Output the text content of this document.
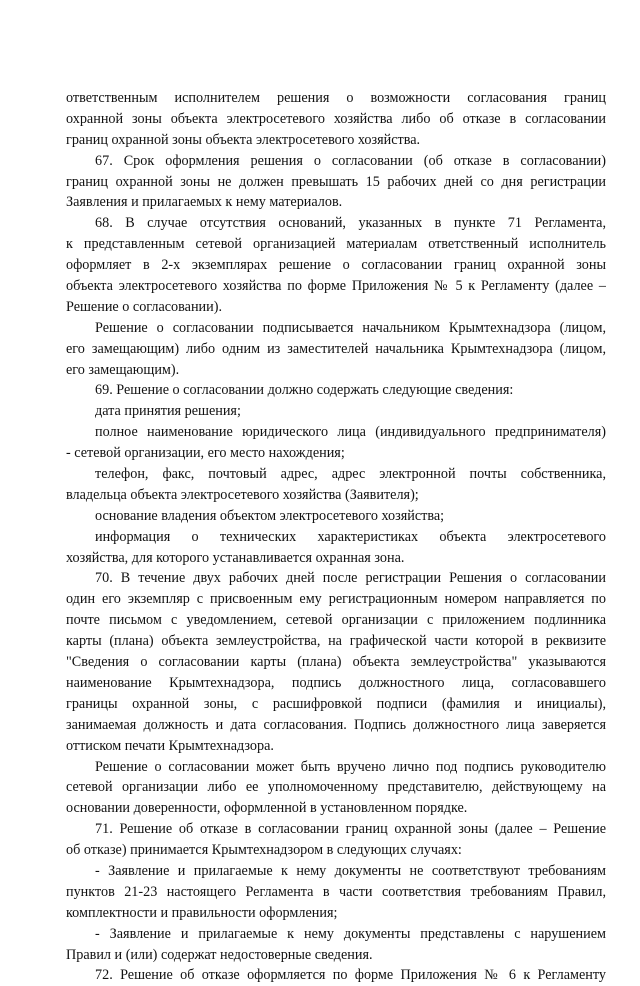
ответственным исполнителем решения о возможности согласования границ
охранной зоны объекта электросетевого хозяйства либо об отказе в согласовании
границ охранной зоны объекта электросетевого хозяйства.
67. Срок оформления решения о согласовании (об отказе в согласовании)
границ охранной зоны не должен превышать 15 рабочих дней со дня регистрации
Заявления и прилагаемых к нему материалов.
68. В случае отсутствия оснований, указанных в пункте 71 Регламента,
к представленным сетевой организацией материалам ответственный исполнитель
оформляет в 2-х экземплярах решение о согласовании границ охранной зоны
объекта электросетевого хозяйства по форме Приложения № 5 к Регламенту (далее –
Решение о согласовании).
Решение о согласовании подписывается начальником Крымтехнадзора (лицом,
его замещающим) либо одним из заместителей начальника Крымтехнадзора (лицом,
его замещающим).
69. Решение о согласовании должно содержать следующие сведения:
дата принятия решения;
полное наименование юридического лица (индивидуального предпринимателя)
- сетевой организации, его место нахождения;
телефон, факс, почтовый адрес, адрес электронной почты собственника,
владельца объекта электросетевого хозяйства (Заявителя);
основание владения объектом электросетевого хозяйства;
информация о технических характеристиках объекта электросетевого
хозяйства, для которого устанавливается охранная зона.
70. В течение двух рабочих дней после регистрации Решения о согласовании
один его экземпляр с присвоенным ему регистрационным номером направляется по
почте письмом с уведомлением, сетевой организации с приложением подлинника
карты (плана) объекта землеустройства, на графической части которой в реквизите
"Сведения о согласовании карты (плана) объекта землеустройства" указываются
наименование Крымтехнадзора, подпись должностного лица, согласовавшего
границы охранной зоны, с расшифровкой подписи (фамилия и инициалы),
занимаемая должность и дата согласования. Подпись должностного лица заверяется
оттиском печати Крымтехнадзора.
Решение о согласовании может быть вручено лично под подпись руководителю
сетевой организации либо ее уполномоченному представителю, действующему на
основании доверенности, оформленной в установленном порядке.
71. Решение об отказе в согласовании границ охранной зоны (далее – Решение
об отказе) принимается Крымтехнадзором в следующих случаях:
- Заявление и прилагаемые к нему документы не соответствуют требованиям
пунктов 21-23 настоящего Регламента в части соответствия требованиям Правил,
комплектности и правильности оформления;
- Заявление и прилагаемые к нему документы представлены с нарушением
Правил и (или) содержат недостоверные сведения.
72. Решение об отказе оформляется по форме Приложения № 6 к Регламенту
